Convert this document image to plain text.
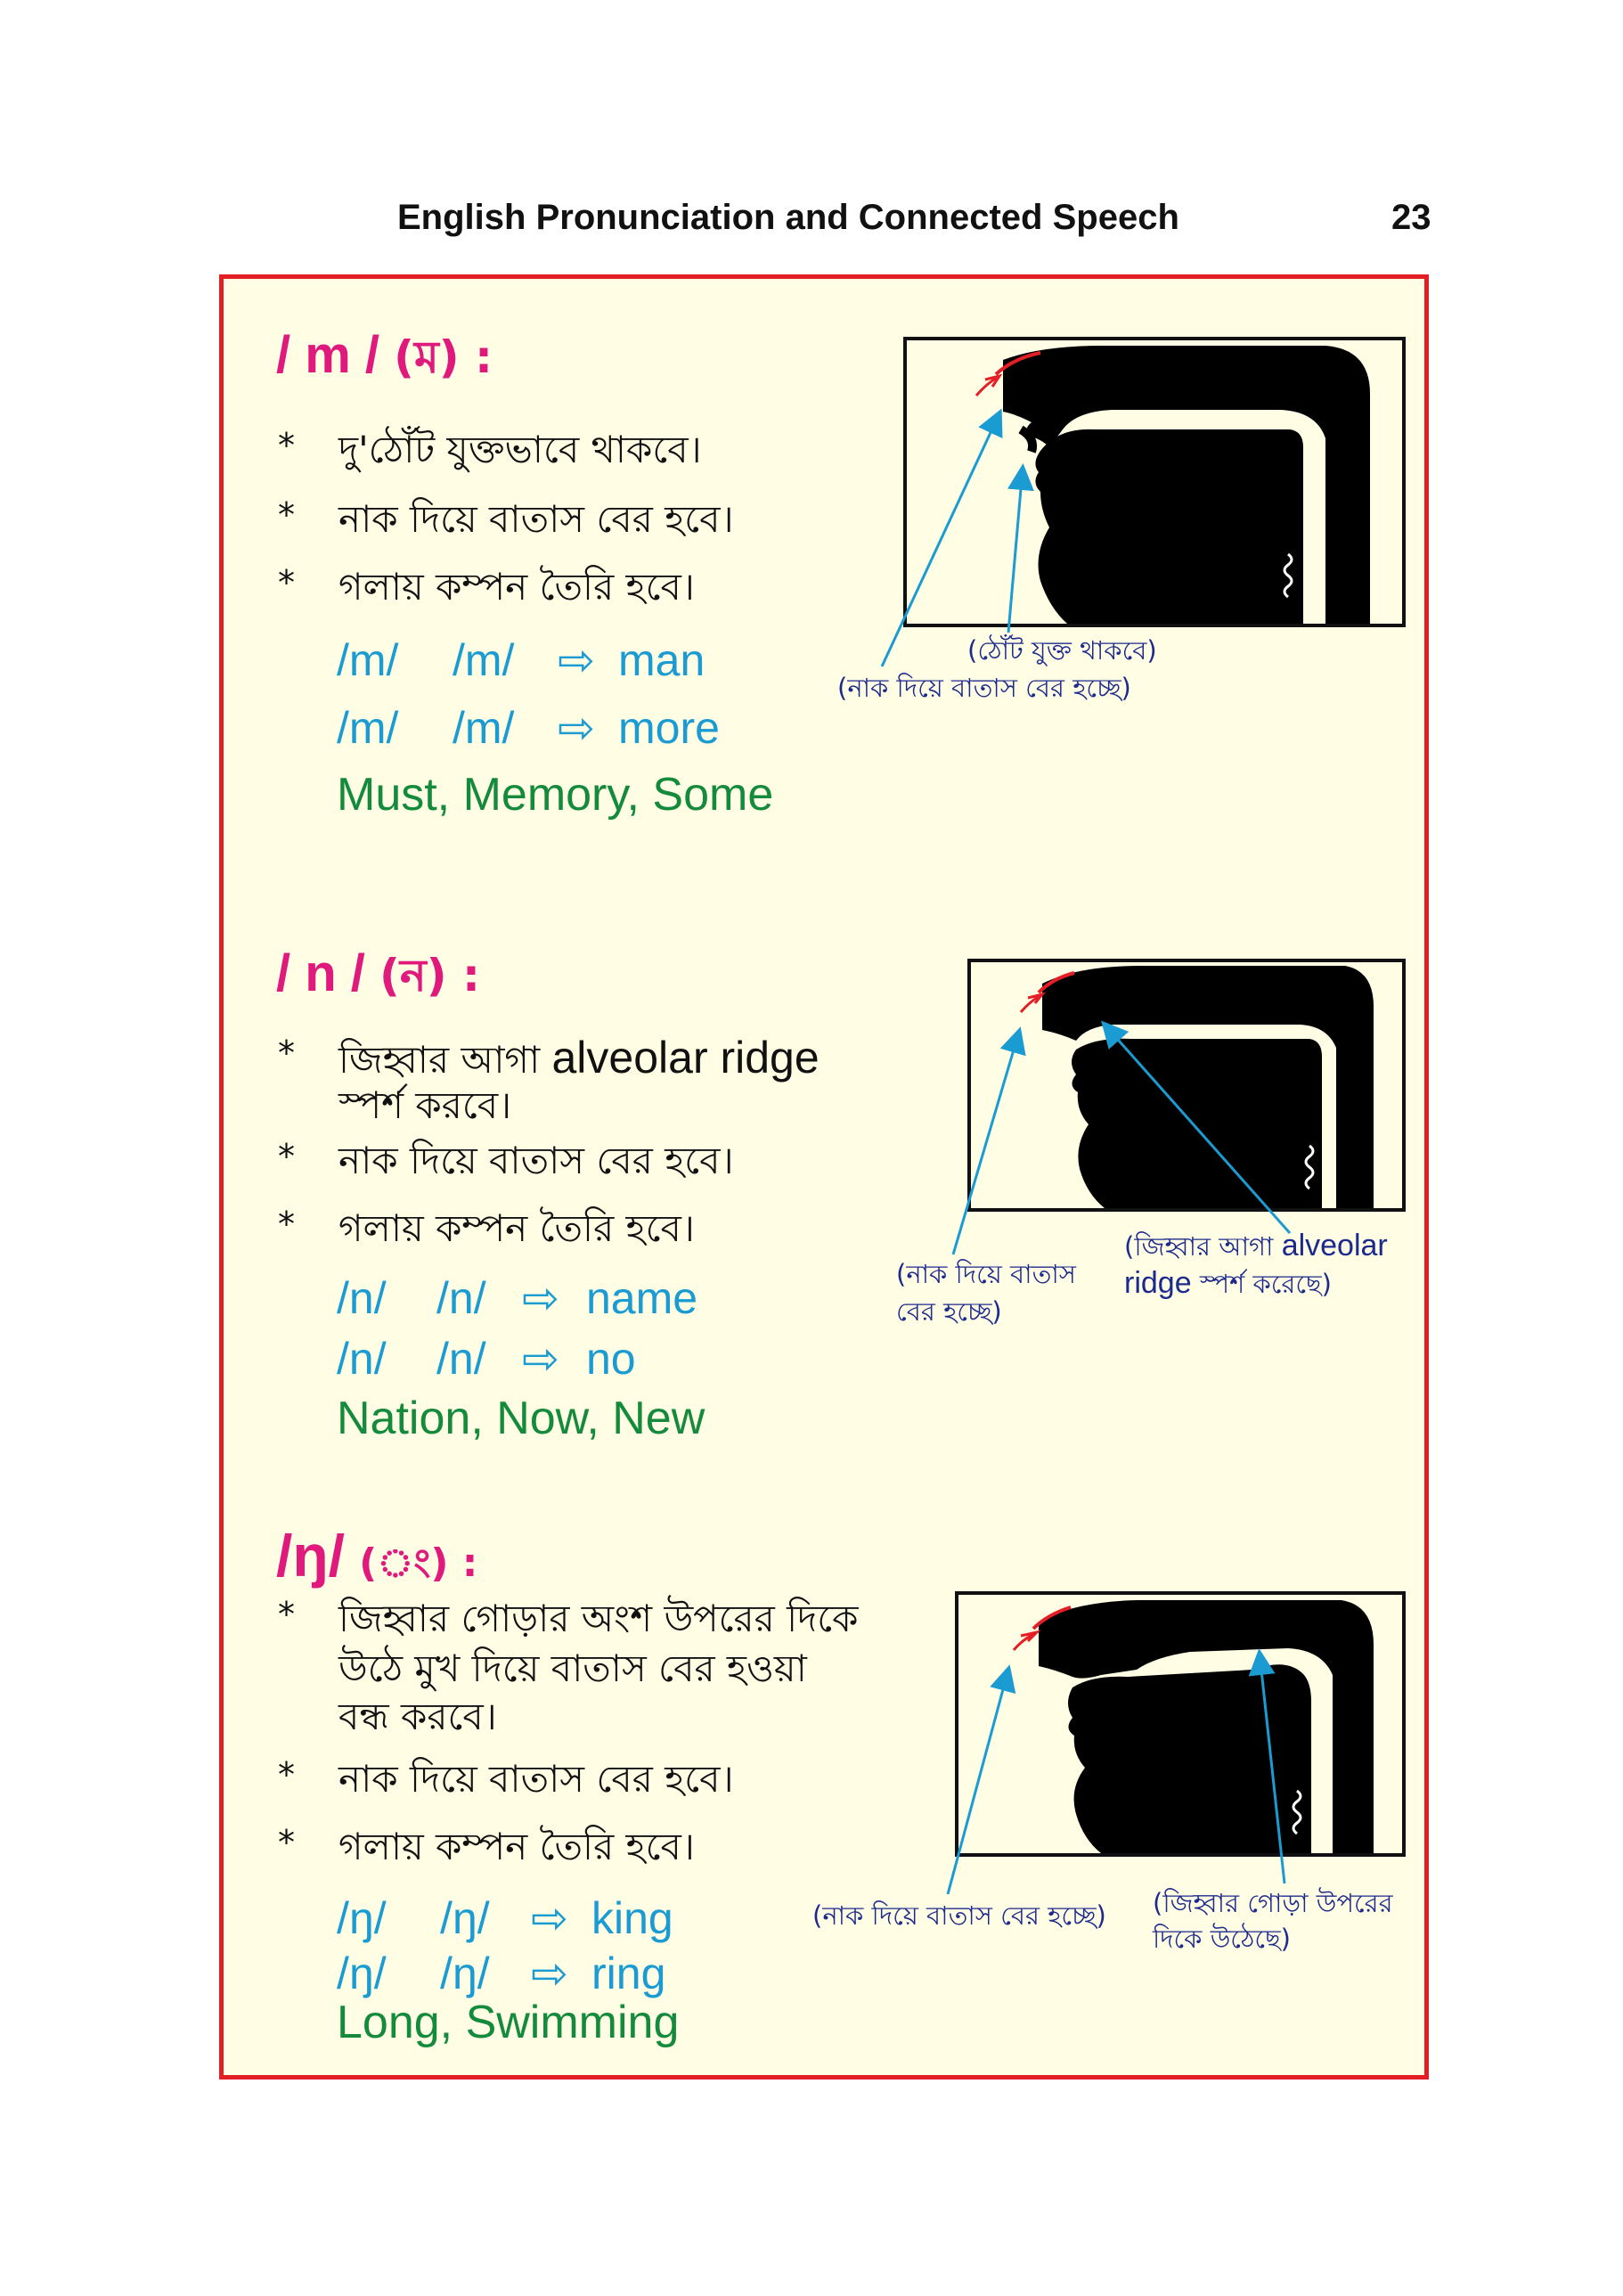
English Pronunciation and Connected Speech	23
/ m / (ম) :
* দু'ঠোঁট যুক্তভাবে থাকবে।
* নাক দিয়ে বাতাস বের হবে।
* গলায় কম্পন তৈরি হবে।
/m/ /m/ ⇨ man
/m/ /m/ ⇨ more
Must, Memory, Some
(ঠোঁট যুক্ত থাকবে)
(নাক দিয়ে বাতাস বের হচ্ছে)
/ n / (ন) :
* জিহ্বার আগা alveolar ridge
স্পর্শ করবে।
* নাক দিয়ে বাতাস বের হবে।
* গলায় কম্পন তৈরি হবে।
/n/ /n/ ⇨ name
/n/ /n/ ⇨ no
Nation, Now, New
(নাক দিয়ে বাতাস
বের হচ্ছে)
(জিহ্বার আগা alveolar
ridge স্পর্শ করেছে)
/ŋ/ (ং) :
* জিহ্বার গোড়ার অংশ উপরের দিকে
উঠে মুখ দিয়ে বাতাস বের হওয়া
বন্ধ করবে।
* নাক দিয়ে বাতাস বের হবে।
* গলায় কম্পন তৈরি হবে।
/ŋ/ /ŋ/ ⇨ king
/ŋ/ /ŋ/ ⇨ ring
Long, Swimming
(নাক দিয়ে বাতাস বের হচ্ছে) (জিহ্বার গোড়া উপরের
দিকে উঠেছে)
